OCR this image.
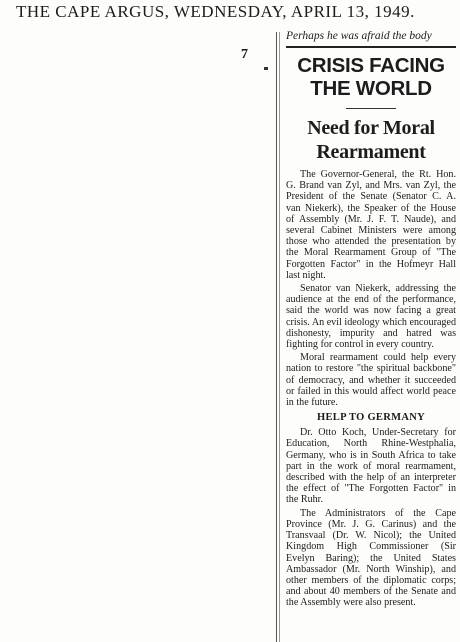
THE CAPE ARGUS, WEDNESDAY, APRIL 13, 1949.
7

Perhaps he was afraid the body

CRISIS FACING
THE WORLD
Need for Moral
Rearmament

The Governor-General, the Rt. Hon. G. Brand van Zyl, and Mrs. van Zyl, the President of the Senate (Senator C. A. van Niekerk), the Speaker of the House of Assembly (Mr. J. F. T. Naude), and several Cabinet Ministers were among those who attended the presentation by the Moral Rearmament Group of "The Forgotten Factor" in the Hofmeyr Hall last night.

Senator van Niekerk, addressing the audience at the end of the performance, said the world was now facing a great crisis. An evil ideology which encouraged dishonesty, impurity and hatred was fighting for control in every country.

Moral rearmament could help every nation to restore "the spiritual backbone" of democracy, and whether it succeeded or failed in this would affect world peace in the future.

HELP TO GERMANY

Dr. Otto Koch, Under-Secretary for Education, North Rhine-Westphalia, Germany, who is in South Africa to take part in the work of moral rearmament, described with the help of an interpreter the effect of "The Forgotten Factor" in the Ruhr.

The Administrators of the Cape Province (Mr. J. G. Carinus) and the Transvaal (Dr. W. Nicol); the United Kingdom High Commissioner (Sir Evelyn Baring); the United States Ambassador (Mr. North Winship), and other members of the diplomatic corps; and about 40 members of the Senate and the Assembly were also present.
